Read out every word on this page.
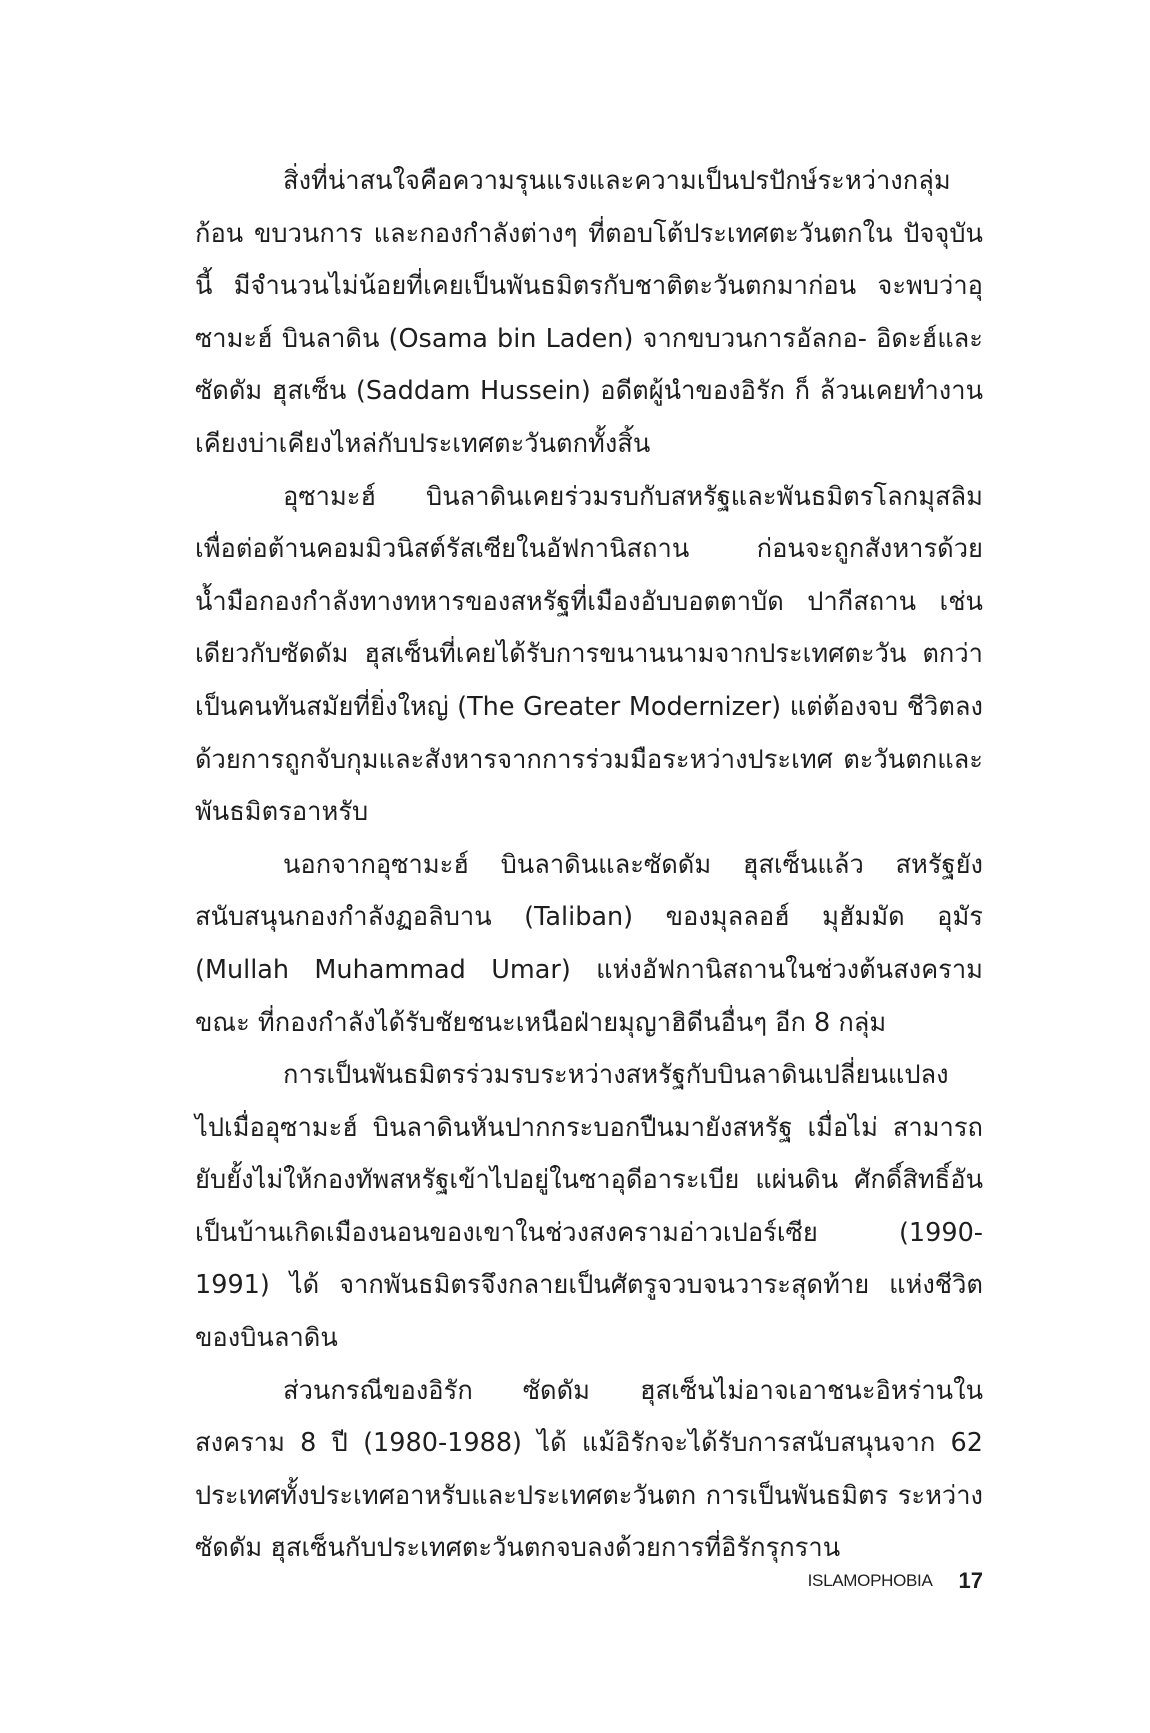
สิ่งที่น่าสนใจคือความรุนแรงและความเป็นปรปักษ์ระหว่างกลุ่ม ก้อน ขบวนการ และกองกำลังต่างๆ ที่ตอบโต้ประเทศตะวันตกใน ปัจจุบันนี้ มีจำนวนไม่น้อยที่เคยเป็นพันธมิตรกับชาติตะวันตกมาก่อน จะพบว่าอุซามะฮ์ บินลาดิน (Osama bin Laden) จากขบวนการอัลกอ- อิดะฮ์และซัดดัม ฮุสเซ็น (Saddam Hussein) อดีตผู้นำของอิรัก ก็ ล้วนเคยทำงานเคียงบ่าเคียงไหล่กับประเทศตะวันตกทั้งสิ้น

อุซามะฮ์ บินลาดินเคยร่วมรบกับสหรัฐและพันธมิตรโลกมุสลิม เพื่อต่อต้านคอมมิวนิสต์รัสเซียในอัฟกานิสถาน ก่อนจะถูกสังหารด้วย น้ำมือกองกำลังทางทหารของสหรัฐที่เมืองอับบอตตาบัด ปากีสถาน เช่นเดียวกับซัดดัม ฮุสเซ็นที่เคยได้รับการขนานนามจากประเทศตะวัน ตกว่าเป็นคนทันสมัยที่ยิ่งใหญ่ (The Greater Modernizer) แต่ต้องจบ ชีวิตลงด้วยการถูกจับกุมและสังหารจากการร่วมมือระหว่างประเทศ ตะวันตกและพันธมิตรอาหรับ

นอกจากอุซามะฮ์ บินลาดินและซัดดัม ฮุสเซ็นแล้ว สหรัฐยัง สนับสนุนกองกำลังฏอลิบาน (Taliban) ของมุลลอฮ์ มุฮัมมัด อุมัร (Mullah Muhammad Umar) แห่งอัฟกานิสถานในช่วงต้นสงครามขณะ ที่กองกำลังได้รับชัยชนะเหนือฝ่ายมุญาฮิดีนอื่นๆ อีก 8 กลุ่ม

การเป็นพันธมิตรร่วมรบระหว่างสหรัฐกับบินลาดินเปลี่ยนแปลง ไปเมื่ออุซามะฮ์ บินลาดินหันปากกระบอกปืนมายังสหรัฐ เมื่อไม่ สามารถยับยั้งไม่ให้กองทัพสหรัฐเข้าไปอยู่ในซาอุดีอาระเบีย แผ่นดิน ศักดิ์สิทธิ์อันเป็นบ้านเกิดเมืองนอนของเขาในช่วงสงครามอ่าวเปอร์เซีย (1990-1991) ได้ จากพันธมิตรจึงกลายเป็นศัตรูจวบจนวาระสุดท้าย แห่งชีวิตของบินลาดิน

ส่วนกรณีของอิรัก ซัดดัม ฮุสเซ็นไม่อาจเอาชนะอิหร่านใน สงคราม 8 ปี (1980-1988) ได้ แม้อิรักจะได้รับการสนับสนุนจาก 62 ประเทศทั้งประเทศอาหรับและประเทศตะวันตก การเป็นพันธมิตร ระหว่างซัดดัม ฮุสเซ็นกับประเทศตะวันตกจบลงด้วยการที่อิรักรุกราน

ISLAMOPHOBIA 17
